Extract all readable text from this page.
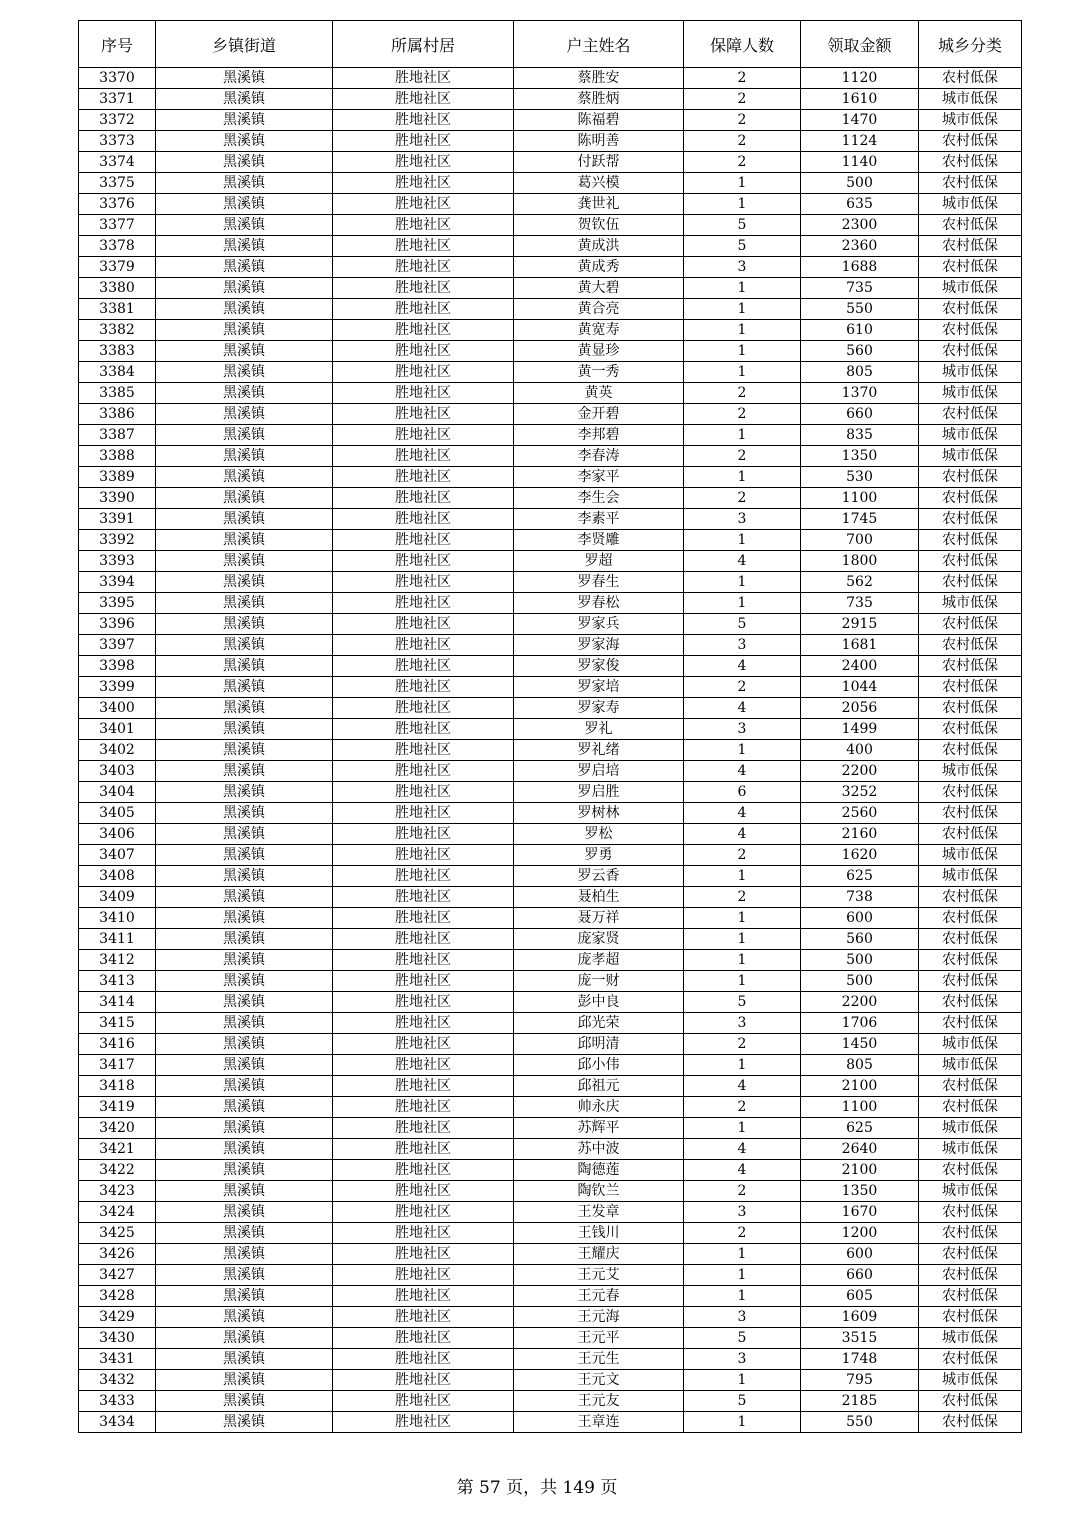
序号	乡镇街道	所属村居	户主姓名	保障人数	领取金额	城乡分类
3370	黑溪镇	胜地社区	蔡胜安	2	1120	农村低保
3371	黑溪镇	胜地社区	蔡胜炳	2	1610	城市低保
3372	黑溪镇	胜地社区	陈福碧	2	1470	城市低保
3373	黑溪镇	胜地社区	陈明善	2	1124	农村低保
3374	黑溪镇	胜地社区	付跃帮	2	1140	农村低保
3375	黑溪镇	胜地社区	葛兴模	1	500	农村低保
3376	黑溪镇	胜地社区	龚世礼	1	635	城市低保
3377	黑溪镇	胜地社区	贺钦伍	5	2300	农村低保
3378	黑溪镇	胜地社区	黄成洪	5	2360	农村低保
3379	黑溪镇	胜地社区	黄成秀	3	1688	农村低保
3380	黑溪镇	胜地社区	黄大碧	1	735	城市低保
3381	黑溪镇	胜地社区	黄合亮	1	550	农村低保
3382	黑溪镇	胜地社区	黄宽寿	1	610	农村低保
3383	黑溪镇	胜地社区	黄显珍	1	560	农村低保
3384	黑溪镇	胜地社区	黄一秀	1	805	城市低保
3385	黑溪镇	胜地社区	黄英	2	1370	城市低保
3386	黑溪镇	胜地社区	金开碧	2	660	农村低保
3387	黑溪镇	胜地社区	李邦碧	1	835	城市低保
3388	黑溪镇	胜地社区	李春涛	2	1350	城市低保
3389	黑溪镇	胜地社区	李家平	1	530	农村低保
3390	黑溪镇	胜地社区	李生会	2	1100	农村低保
3391	黑溪镇	胜地社区	李素平	3	1745	农村低保
3392	黑溪镇	胜地社区	李贤雕	1	700	农村低保
3393	黑溪镇	胜地社区	罗超	4	1800	农村低保
3394	黑溪镇	胜地社区	罗春生	1	562	农村低保
3395	黑溪镇	胜地社区	罗春松	1	735	城市低保
3396	黑溪镇	胜地社区	罗家兵	5	2915	农村低保
3397	黑溪镇	胜地社区	罗家海	3	1681	农村低保
3398	黑溪镇	胜地社区	罗家俊	4	2400	农村低保
3399	黑溪镇	胜地社区	罗家培	2	1044	农村低保
3400	黑溪镇	胜地社区	罗家寿	4	2056	农村低保
3401	黑溪镇	胜地社区	罗礼	3	1499	农村低保
3402	黑溪镇	胜地社区	罗礼绪	1	400	农村低保
3403	黑溪镇	胜地社区	罗启培	4	2200	城市低保
3404	黑溪镇	胜地社区	罗启胜	6	3252	农村低保
3405	黑溪镇	胜地社区	罗树林	4	2560	农村低保
3406	黑溪镇	胜地社区	罗松	4	2160	农村低保
3407	黑溪镇	胜地社区	罗勇	2	1620	城市低保
3408	黑溪镇	胜地社区	罗云香	1	625	城市低保
3409	黑溪镇	胜地社区	聂柏生	2	738	农村低保
3410	黑溪镇	胜地社区	聂万祥	1	600	农村低保
3411	黑溪镇	胜地社区	庞家贤	1	560	农村低保
3412	黑溪镇	胜地社区	庞孝超	1	500	农村低保
3413	黑溪镇	胜地社区	庞一财	1	500	农村低保
3414	黑溪镇	胜地社区	彭中良	5	2200	农村低保
3415	黑溪镇	胜地社区	邱光荣	3	1706	农村低保
3416	黑溪镇	胜地社区	邱明清	2	1450	城市低保
3417	黑溪镇	胜地社区	邱小伟	1	805	城市低保
3418	黑溪镇	胜地社区	邱祖元	4	2100	农村低保
3419	黑溪镇	胜地社区	帅永庆	2	1100	农村低保
3420	黑溪镇	胜地社区	苏辉平	1	625	城市低保
3421	黑溪镇	胜地社区	苏中波	4	2640	城市低保
3422	黑溪镇	胜地社区	陶德莲	4	2100	农村低保
3423	黑溪镇	胜地社区	陶钦兰	2	1350	城市低保
3424	黑溪镇	胜地社区	王发章	3	1670	农村低保
3425	黑溪镇	胜地社区	王钱川	2	1200	农村低保
3426	黑溪镇	胜地社区	王耀庆	1	600	农村低保
3427	黑溪镇	胜地社区	王元艾	1	660	农村低保
3428	黑溪镇	胜地社区	王元春	1	605	农村低保
3429	黑溪镇	胜地社区	王元海	3	1609	农村低保
3430	黑溪镇	胜地社区	王元平	5	3515	城市低保
3431	黑溪镇	胜地社区	王元生	3	1748	农村低保
3432	黑溪镇	胜地社区	王元文	1	795	城市低保
3433	黑溪镇	胜地社区	王元友	5	2185	农村低保
3434	黑溪镇	胜地社区	王章连	1	550	农村低保
第 57 页，共 149 页
